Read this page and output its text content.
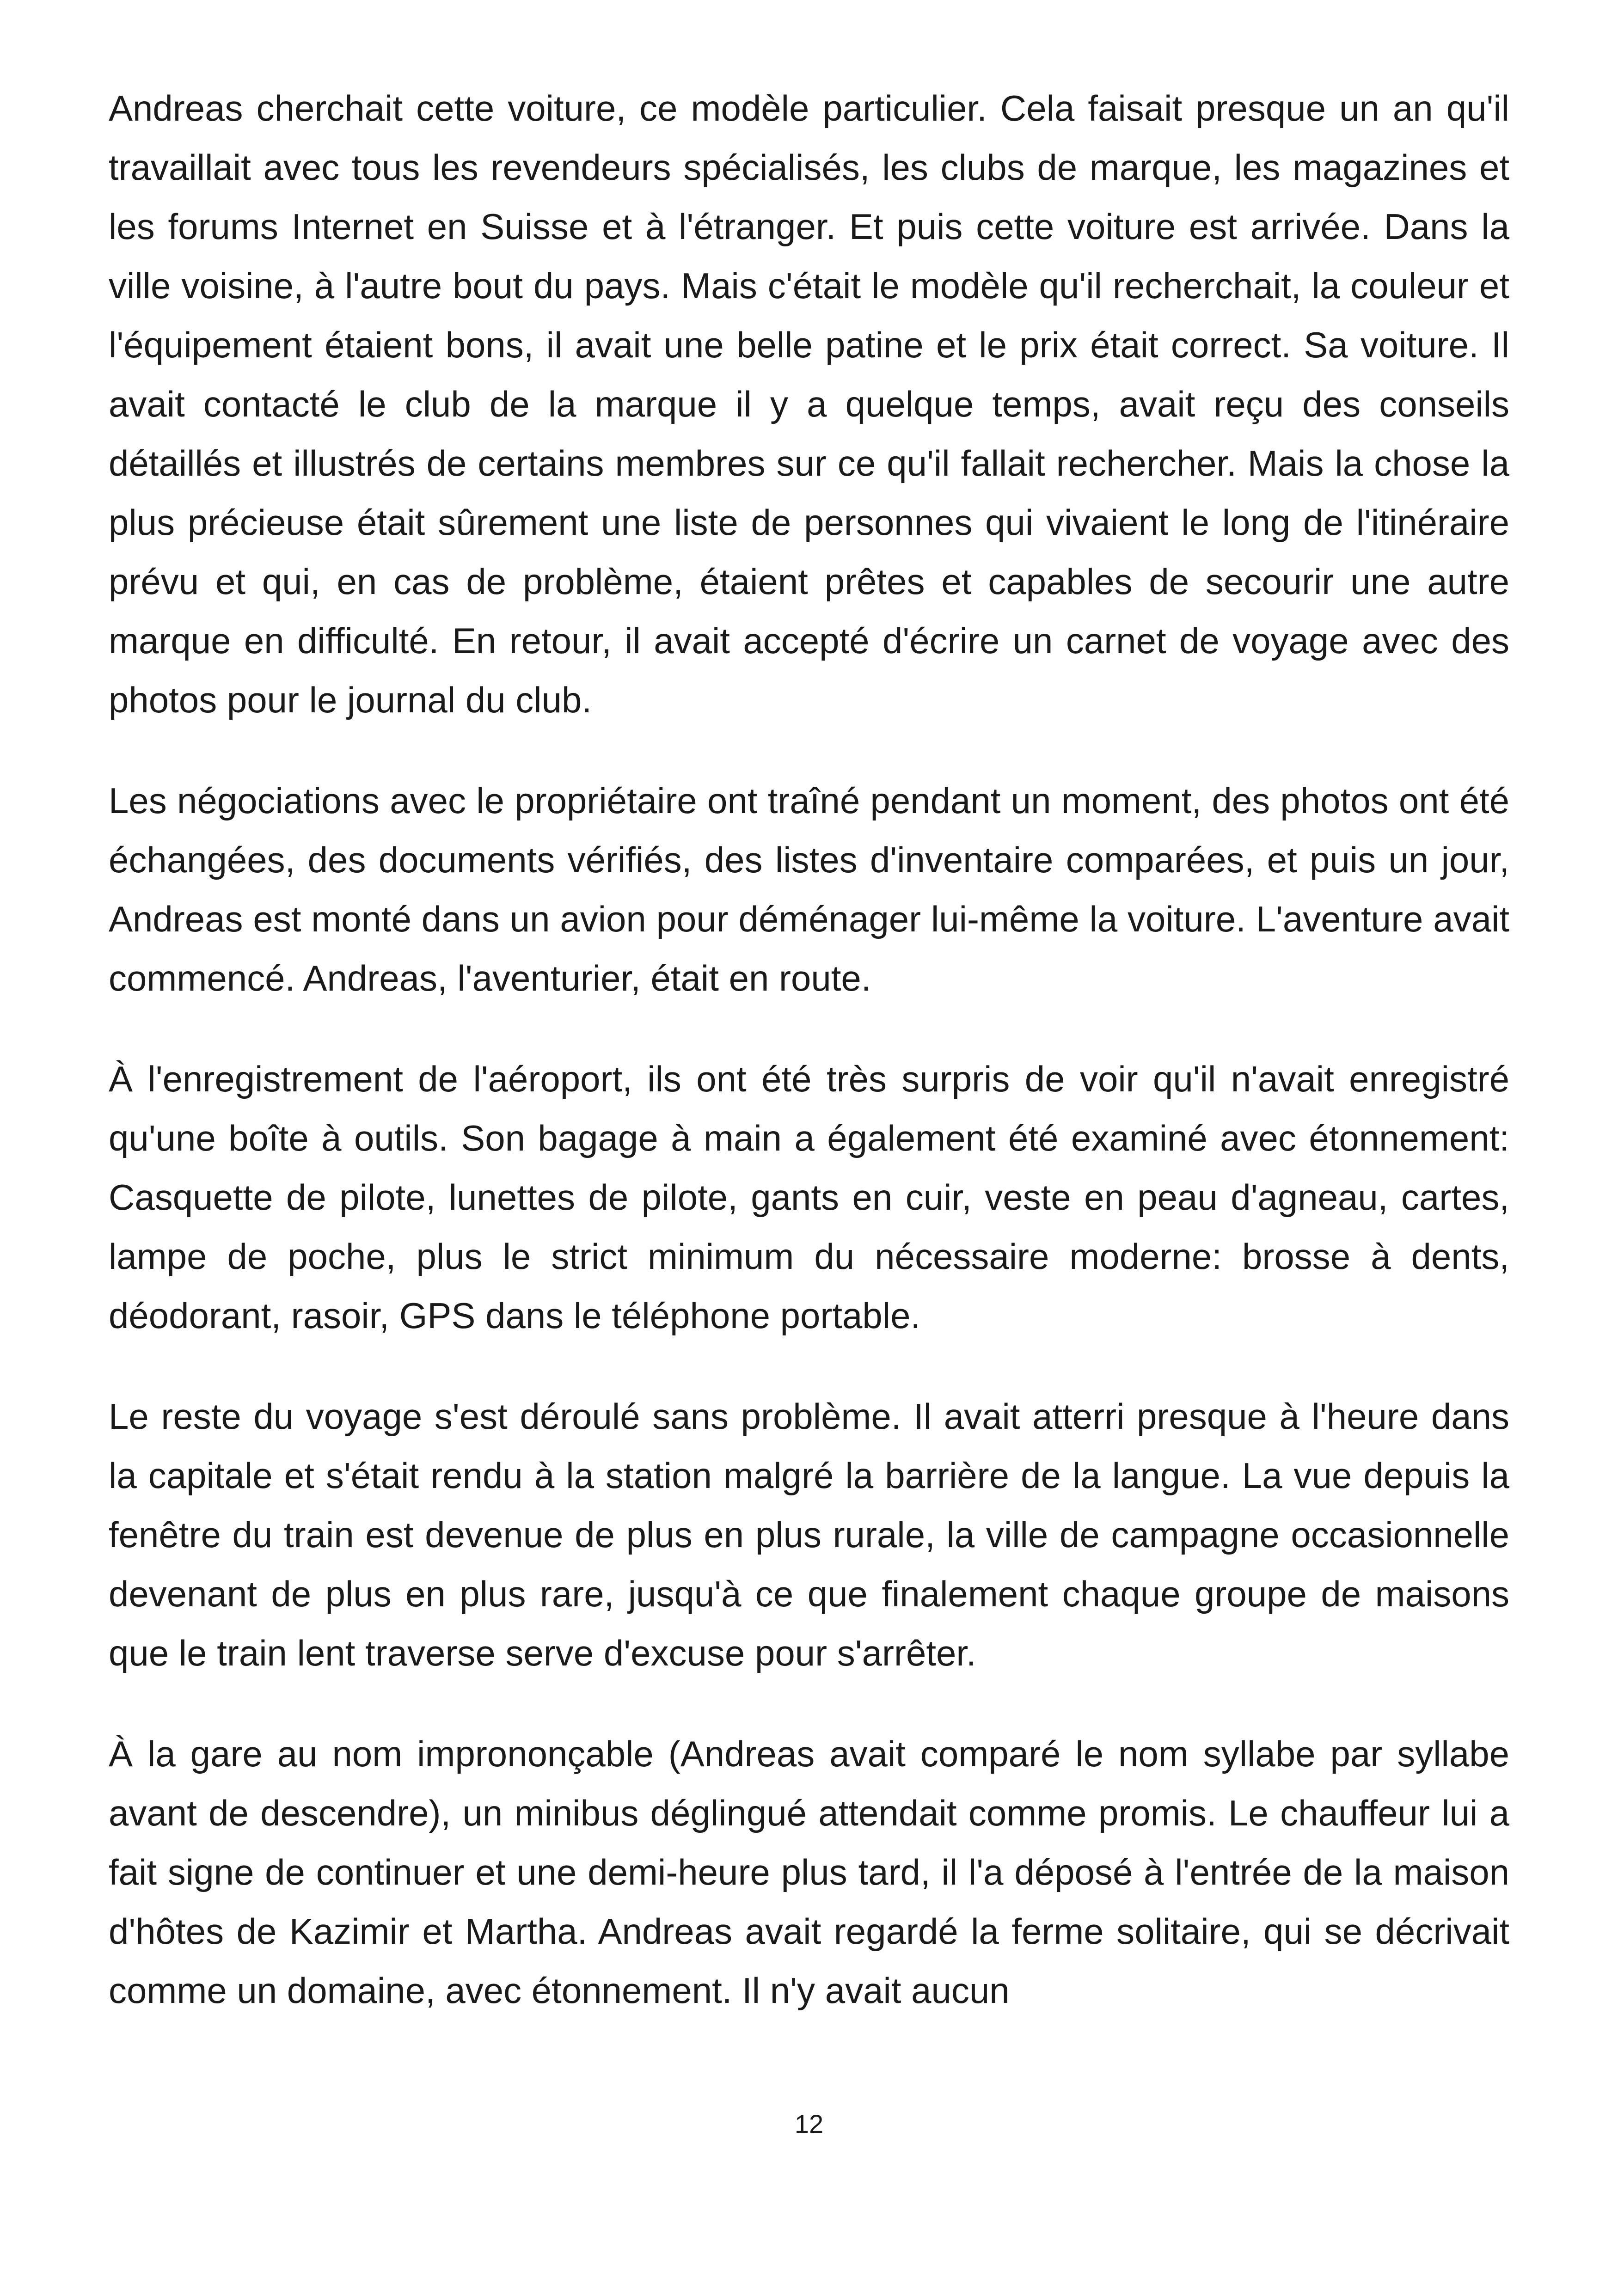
Andreas cherchait cette voiture, ce modèle particulier. Cela faisait presque un an qu'il travaillait avec tous les revendeurs spécialisés, les clubs de marque, les magazines et les forums Internet en Suisse et à l'étranger. Et puis cette voiture est arrivée. Dans la ville voisine, à l'autre bout du pays. Mais c'était le modèle qu'il recherchait, la couleur et l'équipement étaient bons, il avait une belle patine et le prix était correct. Sa voiture. Il avait contacté le club de la marque il y a quelque temps, avait reçu des conseils détaillés et illustrés de certains membres sur ce qu'il fallait rechercher. Mais la chose la plus précieuse était sûrement une liste de personnes qui vivaient le long de l'itinéraire prévu et qui, en cas de problème, étaient prêtes et capables de secourir une autre marque en difficulté. En retour, il avait accepté d'écrire un carnet de voyage avec des photos pour le journal du club.

Les négociations avec le propriétaire ont traîné pendant un moment, des photos ont été échangées, des documents vérifiés, des listes d'inventaire comparées, et puis un jour, Andreas est monté dans un avion pour déménager lui-même la voiture. L'aventure avait commencé. Andreas, l'aventurier, était en route.

À l'enregistrement de l'aéroport, ils ont été très surpris de voir qu'il n'avait enregistré qu'une boîte à outils. Son bagage à main a également été examiné avec étonnement: Casquette de pilote, lunettes de pilote, gants en cuir, veste en peau d'agneau, cartes, lampe de poche, plus le strict minimum du nécessaire moderne: brosse à dents, déodorant, rasoir, GPS dans le téléphone portable.

Le reste du voyage s'est déroulé sans problème. Il avait atterri presque à l'heure dans la capitale et s'était rendu à la station malgré la barrière de la langue. La vue depuis la fenêtre du train est devenue de plus en plus rurale, la ville de campagne occasionnelle devenant de plus en plus rare, jusqu'à ce que finalement chaque groupe de maisons que le train lent traverse serve d'excuse pour s'arrêter.

À la gare au nom imprononçable (Andreas avait comparé le nom syllabe par syllabe avant de descendre), un minibus déglingué attendait comme promis. Le chauffeur lui a fait signe de continuer et une demi-heure plus tard, il l'a déposé à l'entrée de la maison d'hôtes de Kazimir et Martha. Andreas avait regardé la ferme solitaire, qui se décrivait comme un domaine, avec étonnement. Il n'y avait aucun

12
